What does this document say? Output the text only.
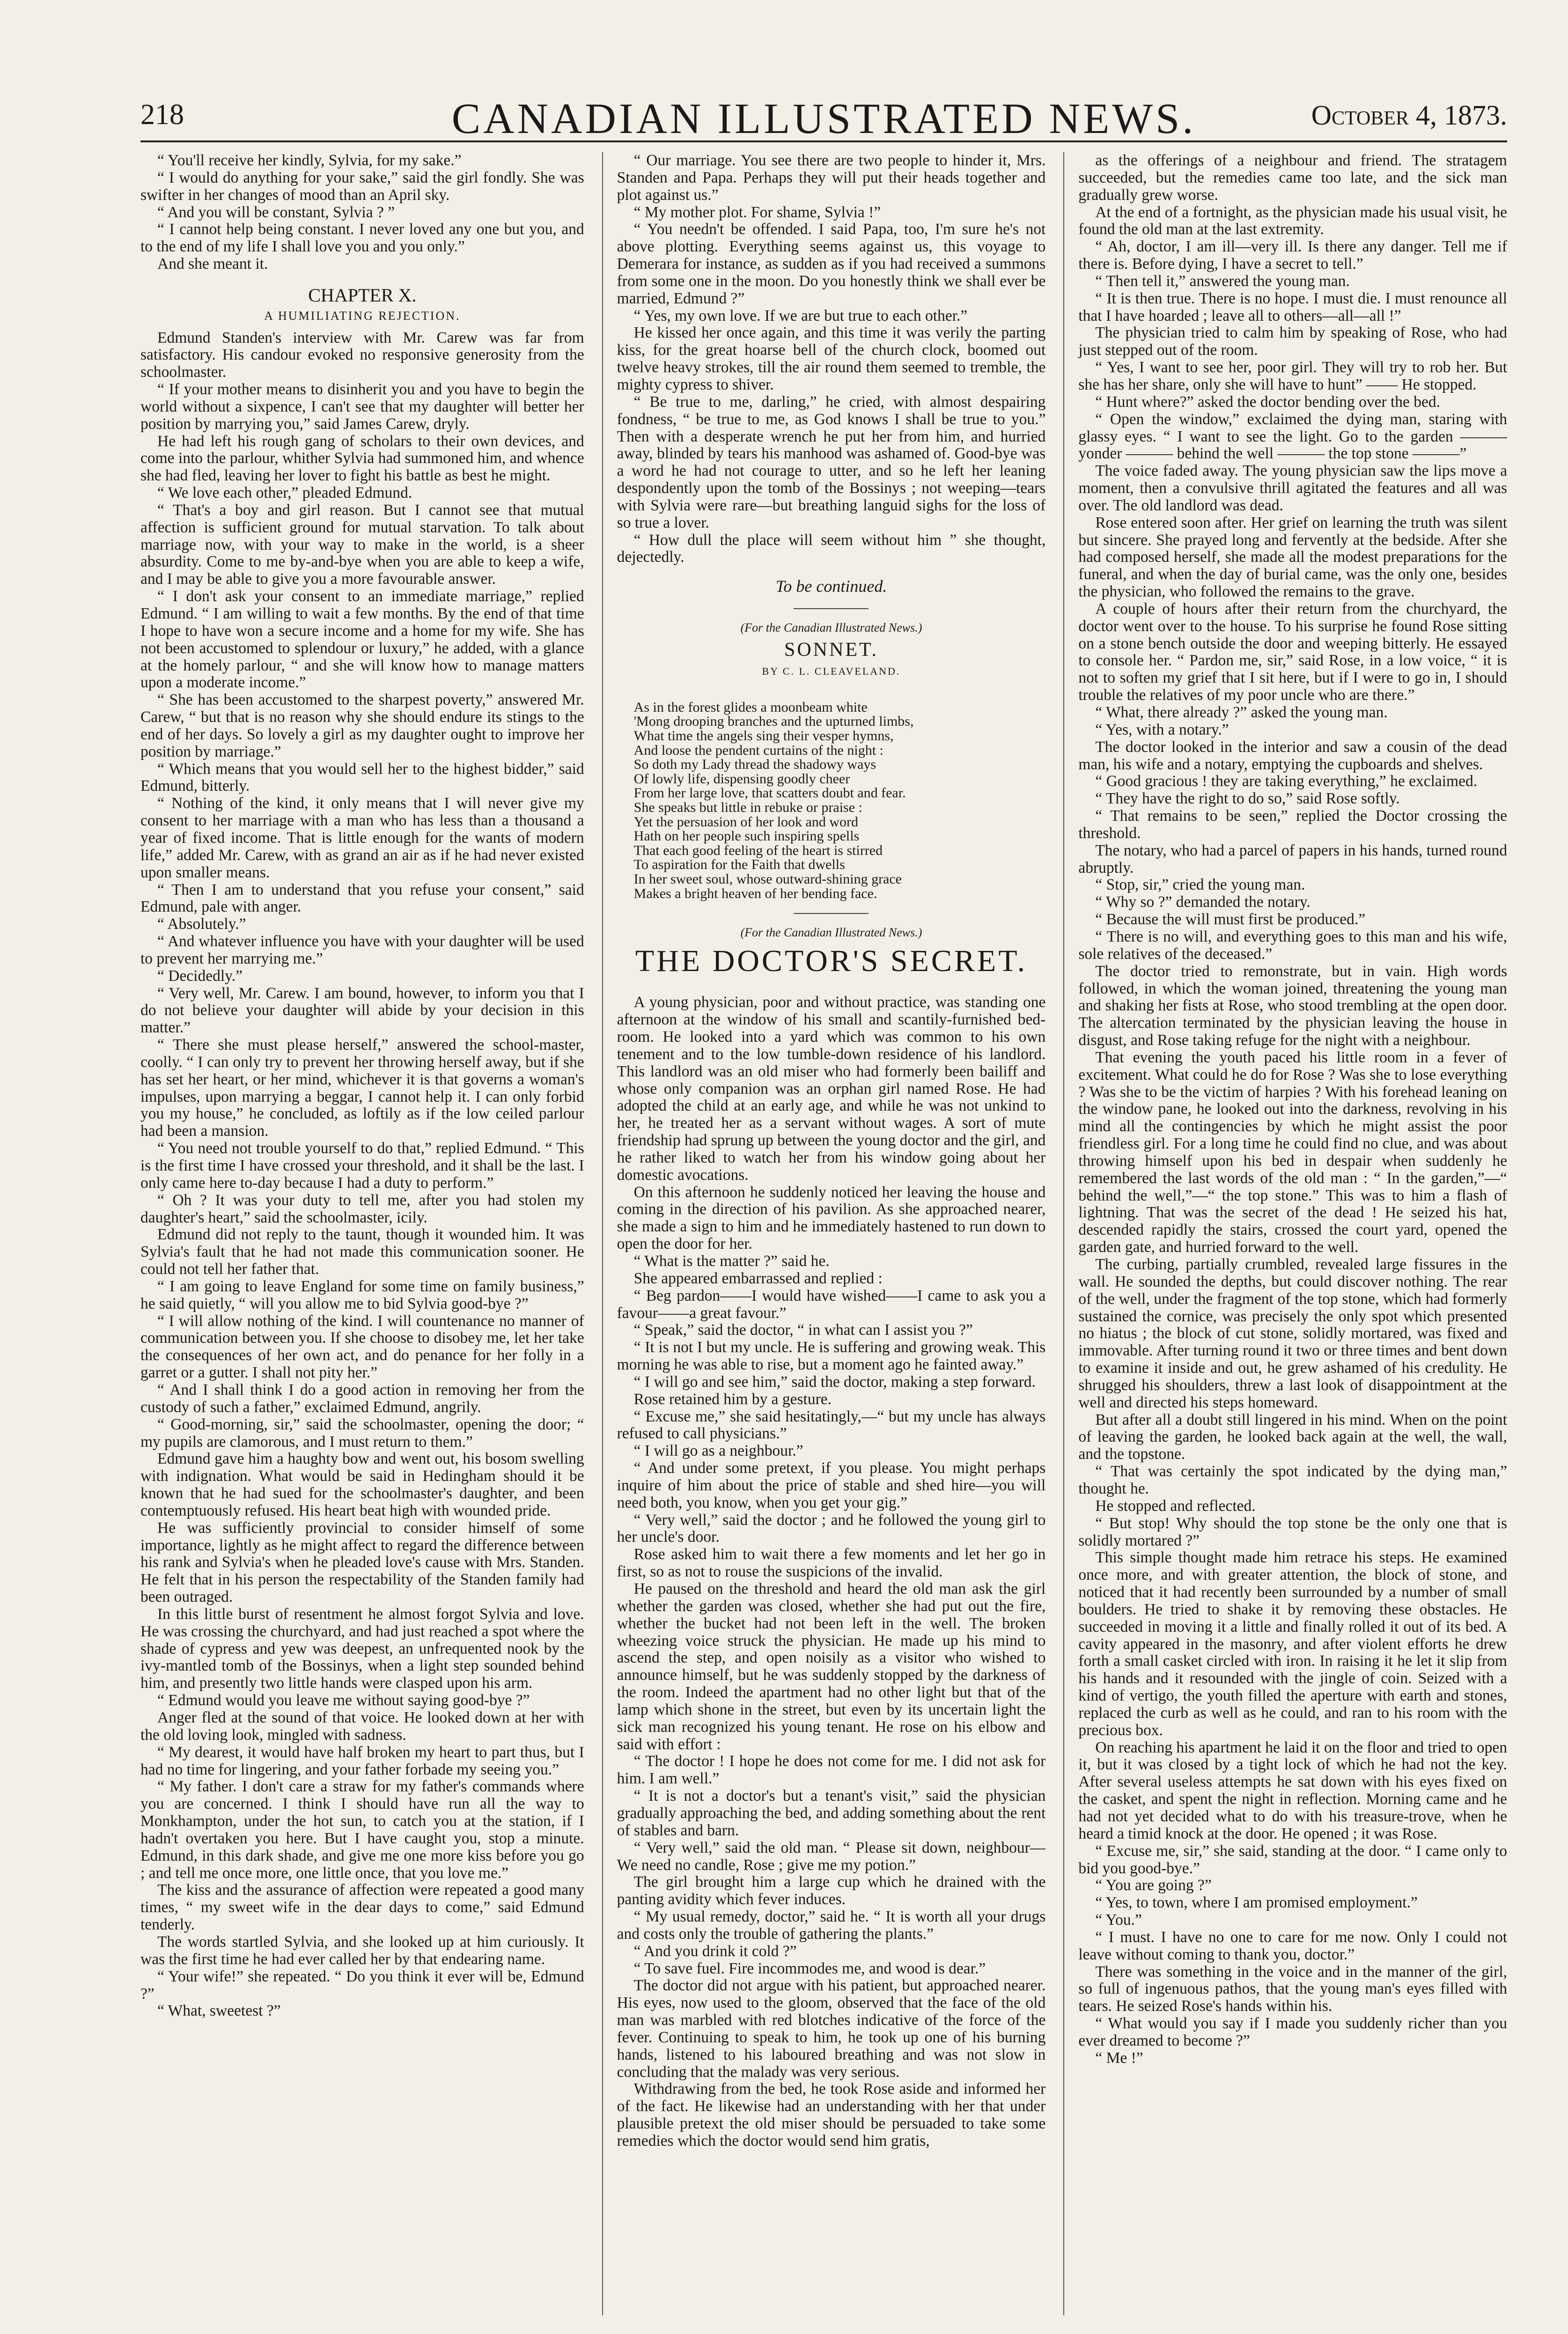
218	CANADIAN ILLUSTRATED NEWS.	October 4, 1873.

“ You'll receive her kindly, Sylvia, for my sake.”

“ I would do anything for your sake,” said the girl fondly. She was swifter in her changes of mood than an April sky.

“ And you will be constant, Sylvia ? ”

“ I cannot help being constant. I never loved any one but you, and to the end of my life I shall love you and you only.”

And she meant it.

CHAPTER X.

A HUMILIATING REJECTION.

Edmund Standen's interview with Mr. Carew was far from satisfactory. His candour evoked no responsive generosity from the schoolmaster.

“ If your mother means to disinherit you and you have to begin the world without a sixpence, I can't see that my daughter will better her position by marrying you,” said James Carew, dryly.

He had left his rough gang of scholars to their own devices, and come into the parlour, whither Sylvia had summoned him, and whence she had fled, leaving her lover to fight his battle as best he might.

“ We love each other,” pleaded Edmund.

“ That's a boy and girl reason. But I cannot see that mutual affection is sufficient ground for mutual starvation. To talk about marriage now, with your way to make in the world, is a sheer absurdity. Come to me by-and-bye when you are able to keep a wife, and I may be able to give you a more favourable answer.

“ I don't ask your consent to an immediate marriage,” replied Edmund. “ I am willing to wait a few months. By the end of that time I hope to have won a secure income and a home for my wife. She has not been accustomed to splendour or luxury,” he added, with a glance at the homely parlour, “ and she will know how to manage matters upon a moderate income.”

“ She has been accustomed to the sharpest poverty,” answered Mr. Carew, “ but that is no reason why she should endure its stings to the end of her days. So lovely a girl as my daughter ought to improve her position by marriage.”

“ Which means that you would sell her to the highest bidder,” said Edmund, bitterly.

“ Nothing of the kind, it only means that I will never give my consent to her marriage with a man who has less than a thousand a year of fixed income. That is little enough for the wants of modern life,” added Mr. Carew, with as grand an air as if he had never existed upon smaller means.

“ Then I am to understand that you refuse your consent,” said Edmund, pale with anger.

“ Absolutely.”

“ And whatever influence you have with your daughter will be used to prevent her marrying me.”

“ Decidedly.”

“ Very well, Mr. Carew. I am bound, however, to inform you that I do not believe your daughter will abide by your decision in this matter.”

“ There she must please herself,” answered the school-master, coolly. “ I can only try to prevent her throwing herself away, but if she has set her heart, or her mind, whichever it is that governs a woman's impulses, upon marrying a beggar, I cannot help it. I can only forbid you my house,” he concluded, as loftily as if the low ceiled parlour had been a mansion.

“ You need not trouble yourself to do that,” replied Edmund. “ This is the first time I have crossed your threshold, and it shall be the last. I only came here to-day because I had a duty to perform.”

“ Oh ? It was your duty to tell me, after you had stolen my daughter's heart,” said the schoolmaster, icily.

Edmund did not reply to the taunt, though it wounded him. It was Sylvia's fault that he had not made this communication sooner. He could not tell her father that.

“ I am going to leave England for some time on family business,” he said quietly, “ will you allow me to bid Sylvia good-bye ?”

“ I will allow nothing of the kind. I will countenance no manner of communication between you. If she choose to disobey me, let her take the consequences of her own act, and do penance for her folly in a garret or a gutter. I shall not pity her.”

“ And I shall think I do a good action in removing her from the custody of such a father,” exclaimed Edmund, angrily.

“ Good-morning, sir,” said the schoolmaster, opening the door; “ my pupils are clamorous, and I must return to them.”

Edmund gave him a haughty bow and went out, his bosom swelling with indignation. What would be said in Hedingham should it be known that he had sued for the schoolmaster's daughter, and been contemptuously refused. His heart beat high with wounded pride.

He was sufficiently provincial to consider himself of some importance, lightly as he might affect to regard the difference between his rank and Sylvia's when he pleaded love's cause with Mrs. Standen. He felt that in his person the respectability of the Standen family had been outraged.

In this little burst of resentment he almost forgot Sylvia and love. He was crossing the churchyard, and had just reached a spot where the shade of cypress and yew was deepest, an unfrequented nook by the ivy-mantled tomb of the Bossinys, when a light step sounded behind him, and presently two little hands were clasped upon his arm.

“ Edmund would you leave me without saying good-bye ?”

Anger fled at the sound of that voice. He looked down at her with the old loving look, mingled with sadness.

“ My dearest, it would have half broken my heart to part thus, but I had no time for lingering, and your father forbade my seeing you.”

“ My father. I don't care a straw for my father's commands where you are concerned. I think I should have run all the way to Monkhampton, under the hot sun, to catch you at the station, if I hadn't overtaken you here. But I have caught you, stop a minute. Edmund, in this dark shade, and give me one more kiss before you go ; and tell me once more, one little once, that you love me.”

The kiss and the assurance of affection were repeated a good many times, “ my sweet wife in the dear days to come,” said Edmund tenderly.

The words startled Sylvia, and she looked up at him curiously. It was the first time he had ever called her by that endearing name.

“ Your wife!” she repeated. “ Do you think it ever will be, Edmund ?”

“ What, sweetest ?”

“ Our marriage. You see there are two people to hinder it, Mrs. Standen and Papa. Perhaps they will put their heads together and plot against us.”

“ My mother plot. For shame, Sylvia !”

“ You needn't be offended. I said Papa, too, I'm sure he's not above plotting. Everything seems against us, this voyage to Demerara for instance, as sudden as if you had received a summons from some one in the moon. Do you honestly think we shall ever be married, Edmund ?”

“ Yes, my own love. If we are but true to each other.”

He kissed her once again, and this time it was verily the parting kiss, for the great hoarse bell of the church clock, boomed out twelve heavy strokes, till the air round them seemed to tremble, the mighty cypress to shiver.

“ Be true to me, darling,” he cried, with almost despairing fondness, “ be true to me, as God knows I shall be true to you.” Then with a desperate wrench he put her from him, and hurried away, blinded by tears his manhood was ashamed of. Good-bye was a word he had not courage to utter, and so he left her leaning despondently upon the tomb of the Bossinys ; not weeping—tears with Sylvia were rare—but breathing languid sighs for the loss of so true a lover.

“ How dull the place will seem without him ” she thought, dejectedly.

To be continued.

(For the Canadian Illustrated News.)

SONNET.

BY C. L. CLEAVELAND.

As in the forest glides a moonbeam white
'Mong drooping branches and the upturned limbs,
What time the angels sing their vesper hymns,
And loose the pendent curtains of the night :
So doth my Lady thread the shadowy ways
Of lowly life, dispensing goodly cheer
From her large love, that scatters doubt and fear.
She speaks but little in rebuke or praise :
Yet the persuasion of her look and word
Hath on her people such inspiring spells
That each good feeling of the heart is stirred
To aspiration for the Faith that dwells
In her sweet soul, whose outward-shining grace
Makes a bright heaven of her bending face.

(For the Canadian Illustrated News.)

THE DOCTOR'S SECRET.

A young physician, poor and without practice, was standing one afternoon at the window of his small and scantily-furnished bed-room. He looked into a yard which was common to his own tenement and to the low tumble-down residence of his landlord. This landlord was an old miser who had formerly been bailiff and whose only companion was an orphan girl named Rose. He had adopted the child at an early age, and while he was not unkind to her, he treated her as a servant without wages. A sort of mute friendship had sprung up between the young doctor and the girl, and he rather liked to watch her from his window going about her domestic avocations.

On this afternoon he suddenly noticed her leaving the house and coming in the direction of his pavilion. As she approached nearer, she made a sign to him and he immediately hastened to run down to open the door for her.

“ What is the matter ?” said he.

She appeared embarrassed and replied :

“ Beg pardon——I would have wished——I came to ask you a favour——a great favour.”

“ Speak,” said the doctor, “ in what can I assist you ?”

“ It is not I but my uncle. He is suffering and growing weak. This morning he was able to rise, but a moment ago he fainted away.”

“ I will go and see him,” said the doctor, making a step forward.

Rose retained him by a gesture.

“ Excuse me,” she said hesitatingly,—“ but my uncle has always refused to call physicians.”

“ I will go as a neighbour.”

“ And under some pretext, if you please. You might perhaps inquire of him about the price of stable and shed hire—you will need both, you know, when you get your gig.”

“ Very well,” said the doctor ; and he followed the young girl to her uncle's door.

Rose asked him to wait there a few moments and let her go in first, so as not to rouse the suspicions of the invalid.

He paused on the threshold and heard the old man ask the girl whether the garden was closed, whether she had put out the fire, whether the bucket had not been left in the well. The broken wheezing voice struck the physician. He made up his mind to ascend the step, and open noisily as a visitor who wished to announce himself, but he was suddenly stopped by the darkness of the room. Indeed the apartment had no other light but that of the lamp which shone in the street, but even by its uncertain light the sick man recognized his young tenant. He rose on his elbow and said with effort :

“ The doctor ! I hope he does not come for me. I did not ask for him. I am well.”

“ It is not a doctor's but a tenant's visit,” said the physician gradually approaching the bed, and adding something about the rent of stables and barn.

“ Very well,” said the old man. “ Please sit down, neighbour—We need no candle, Rose ; give me my potion.”

The girl brought him a large cup which he drained with the panting avidity which fever induces.

“ My usual remedy, doctor,” said he. “ It is worth all your drugs and costs only the trouble of gathering the plants.”

“ And you drink it cold ?”

“ To save fuel. Fire incommodes me, and wood is dear.”

The doctor did not argue with his patient, but approached nearer. His eyes, now used to the gloom, observed that the face of the old man was marbled with red blotches indicative of the force of the fever. Continuing to speak to him, he took up one of his burning hands, listened to his laboured breathing and was not slow in concluding that the malady was very serious.

Withdrawing from the bed, he took Rose aside and informed her of the fact. He likewise had an understanding with her that under plausible pretext the old miser should be persuaded to take some remedies which the doctor would send him gratis,

as the offerings of a neighbour and friend. The stratagem succeeded, but the remedies came too late, and the sick man gradually grew worse.

At the end of a fortnight, as the physician made his usual visit, he found the old man at the last extremity.

“ Ah, doctor, I am ill—very ill. Is there any danger. Tell me if there is. Before dying, I have a secret to tell.”

“ Then tell it,” answered the young man.

“ It is then true. There is no hope. I must die. I must renounce all that I have hoarded ; leave all to others—all—all !”

The physician tried to calm him by speaking of Rose, who had just stepped out of the room.

“ Yes, I want to see her, poor girl. They will try to rob her. But she has her share, only she will have to hunt” —— He stopped.

“ Hunt where?” asked the doctor bending over the bed.

“ Open the window,” exclaimed the dying man, staring with glassy eyes. “ I want to see the light. Go to the garden ———yonder ——— behind the well ——— the top stone ———”

The voice faded away. The young physician saw the lips move a moment, then a convulsive thrill agitated the features and all was over. The old landlord was dead.

Rose entered soon after. Her grief on learning the truth was silent but sincere. She prayed long and fervently at the bedside. After she had composed herself, she made all the modest preparations for the funeral, and when the day of burial came, was the only one, besides the physician, who followed the remains to the grave.

A couple of hours after their return from the churchyard, the doctor went over to the house. To his surprise he found Rose sitting on a stone bench outside the door and weeping bitterly. He essayed to console her. “ Pardon me, sir,” said Rose, in a low voice, “ it is not to soften my grief that I sit here, but if I were to go in, I should trouble the relatives of my poor uncle who are there.”

“ What, there already ?” asked the young man.

“ Yes, with a notary.”

The doctor looked in the interior and saw a cousin of the dead man, his wife and a notary, emptying the cupboards and shelves.

“ Good gracious ! they are taking everything,” he exclaimed.

“ They have the right to do so,” said Rose softly.

“ That remains to be seen,” replied the Doctor crossing the threshold.

The notary, who had a parcel of papers in his hands, turned round abruptly.

“ Stop, sir,” cried the young man.

“ Why so ?” demanded the notary.

“ Because the will must first be produced.”

“ There is no will, and everything goes to this man and his wife, sole relatives of the deceased.”

The doctor tried to remonstrate, but in vain. High words followed, in which the woman joined, threatening the young man and shaking her fists at Rose, who stood trembling at the open door. The altercation terminated by the physician leaving the house in disgust, and Rose taking refuge for the night with a neighbour.

That evening the youth paced his little room in a fever of excitement. What could he do for Rose ? Was she to lose everything ? Was she to be the victim of harpies ? With his forehead leaning on the window pane, he looked out into the darkness, revolving in his mind all the contingencies by which he might assist the poor friendless girl. For a long time he could find no clue, and was about throwing himself upon his bed in despair when suddenly he remembered the last words of the old man : “ In the garden,”—“ behind the well,”—“ the top stone.” This was to him a flash of lightning. That was the secret of the dead ! He seized his hat, descended rapidly the stairs, crossed the court yard, opened the garden gate, and hurried forward to the well.

The curbing, partially crumbled, revealed large fissures in the wall. He sounded the depths, but could discover nothing. The rear of the well, under the fragment of the top stone, which had formerly sustained the cornice, was precisely the only spot which presented no hiatus ; the block of cut stone, solidly mortared, was fixed and immovable. After turning round it two or three times and bent down to examine it inside and out, he grew ashamed of his credulity. He shrugged his shoulders, threw a last look of disappointment at the well and directed his steps homeward.

But after all a doubt still lingered in his mind. When on the point of leaving the garden, he looked back again at the well, the wall, and the topstone.

“ That was certainly the spot indicated by the dying man,” thought he.

He stopped and reflected.

“ But stop! Why should the top stone be the only one that is solidly mortared ?”

This simple thought made him retrace his steps. He examined once more, and with greater attention, the block of stone, and noticed that it had recently been surrounded by a number of small boulders. He tried to shake it by removing these obstacles. He succeeded in moving it a little and finally rolled it out of its bed. A cavity appeared in the masonry, and after violent efforts he drew forth a small casket circled with iron. In raising it he let it slip from his hands and it resounded with the jingle of coin. Seized with a kind of vertigo, the youth filled the aperture with earth and stones, replaced the curb as well as he could, and ran to his room with the precious box.

On reaching his apartment he laid it on the floor and tried to open it, but it was closed by a tight lock of which he had not the key. After several useless attempts he sat down with his eyes fixed on the casket, and spent the night in reflection. Morning came and he had not yet decided what to do with his treasure-trove, when he heard a timid knock at the door. He opened ; it was Rose.

“ Excuse me, sir,” she said, standing at the door. “ I came only to bid you good-bye.”

“ You are going ?”

“ Yes, to town, where I am promised employment.”

“ You.”

“ I must. I have no one to care for me now. Only I could not leave without coming to thank you, doctor.”

There was something in the voice and in the manner of the girl, so full of ingenuous pathos, that the young man's eyes filled with tears. He seized Rose's hands within his.

“ What would you say if I made you suddenly richer than you ever dreamed to become ?”

“ Me !”
